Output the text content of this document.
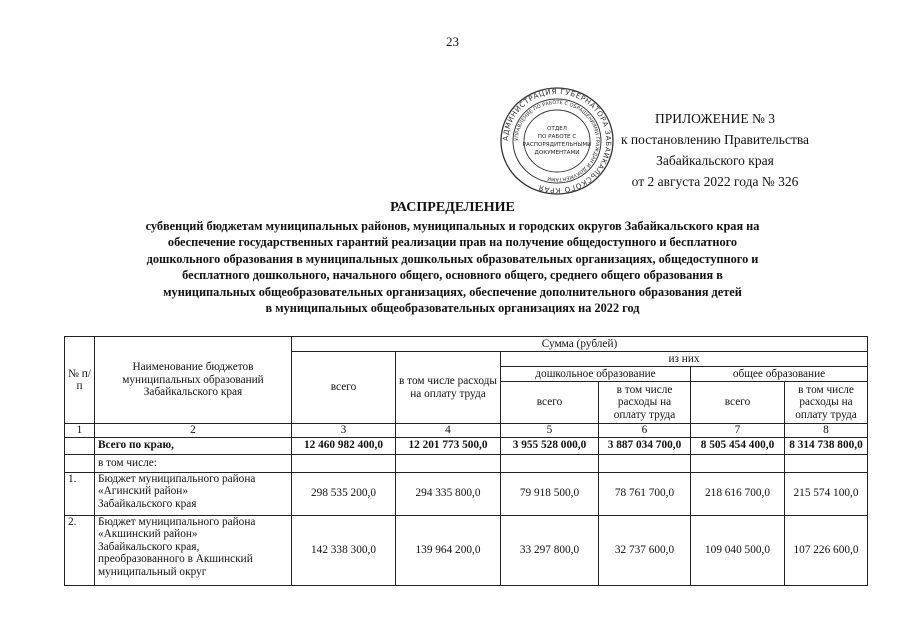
23
АДМИНИСТРАЦИЯ ГУБЕРНАТОРА ЗАБАЙКАЛЬСКОГО КРАЯ
УПРАВЛЕНИЕ ПО РАБОТЕ С ОБРАЩЕНИЯМИ ГРАЖДАН И ДОКУМЕНТАМИ
ОТДЕЛ
ПО РАБОТЕ С
РАСПОРЯДИТЕЛЬНЫМИ
ДОКУМЕНТАМИ
ПРИЛОЖЕНИЕ № 3
к постановлению Правительства
Забайкальского края
от 2 августа 2022 года № 326
РАСПРЕДЕЛЕНИЕ
субвенций бюджетам муниципальных районов, муниципальных и городских округов Забайкальского края на
обеспечение государственных гарантий реализации прав на получение общедоступного и бесплатного
дошкольного образования в муниципальных дошкольных образовательных организациях, общедоступного и
бесплатного дошкольного, начального общего, основного общего, среднего общего образования в
муниципальных общеобразовательных организациях, обеспечение дополнительного образования детей
в муниципальных общеобразовательных организациях на 2022 год
№ п/п	Наименование бюджетов муниципальных образований Забайкальского края	Сумма (рублей)					
		всего	в том числе расходы на оплату труда	из них			
				дошкольное образование		общее образование	
				всего	в том числе расходы на оплату труда	всего	в том числе расходы на оплату труда
1	2	3	4	5	6	7	8
	Всего по краю,	12 460 982 400,0	12 201 773 500,0	3 955 528 000,0	3 887 034 700,0	8 505 454 400,0	8 314 738 800,0
	в том числе:						
1.	Бюджет муниципального района
«Агинский район»
Забайкальского края	298 535 200,0	294 335 800,0	79 918 500,0	78 761 700,0	218 616 700,0	215 574 100,0
2.	Бюджет муниципального района
«Акшинский район»
Забайкальского края,
преобразованного в Акшинский
муниципальный округ	142 338 300,0	139 964 200,0	33 297 800,0	32 737 600,0	109 040 500,0	107 226 600,0
